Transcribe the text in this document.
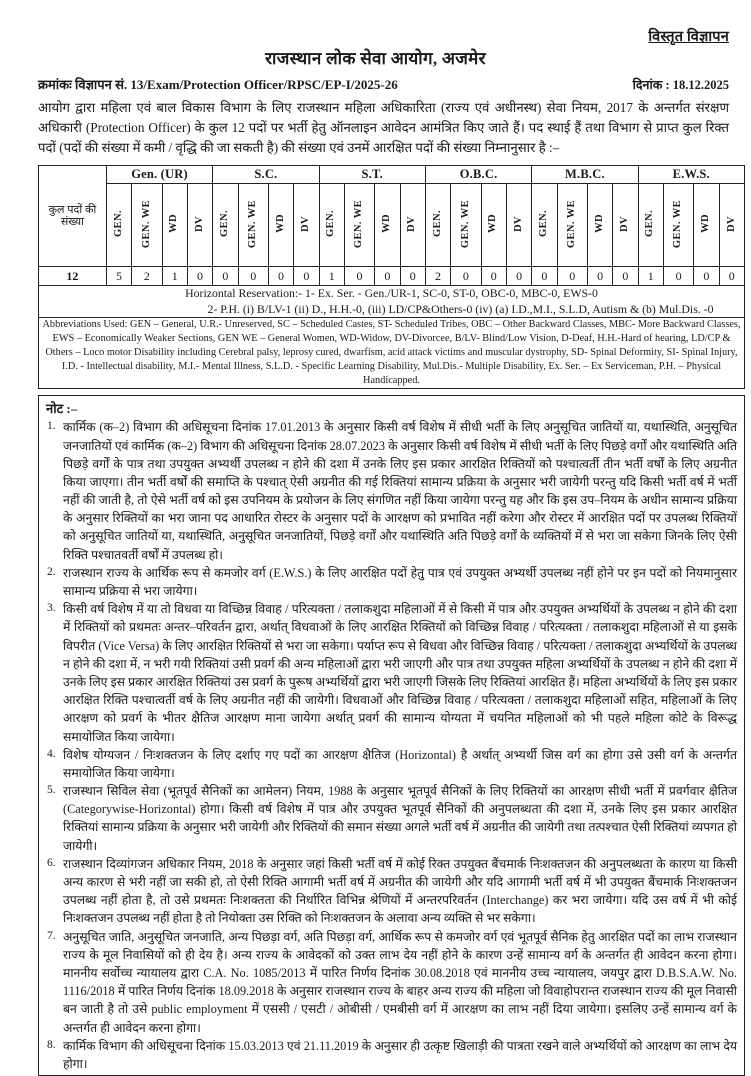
विस्तृत विज्ञापन
राजस्थान लोक सेवा आयोग, अजमेर
क्रमांकः विज्ञापन सं. 13/Exam/Protection Officer/RPSC/EP-I/2025-26	दिनांक : 18.12.2025
आयोग द्वारा महिला एवं बाल विकास विभाग के लिए राजस्थान महिला अधिकारिता (राज्य एवं अधीनस्थ) सेवा नियम, 2017 के अन्तर्गत संरक्षण अधिकारी (Protection Officer) के कुल 12 पदों पर भर्ती हेतु ऑनलाइन आवेदन आमंत्रित किए जाते हैं। पद स्थाई हैं तथा विभाग से प्राप्त कुल रिक्त पदों (पदों की संख्या में कमी / वृद्धि की जा सकती है) की संख्या एवं उनमें आरक्षित पदों की संख्या निम्नानुसार है :–
कुल पदों की संख्या	Gen. (UR)				S.C.				S.T.				O.B.C.				M.B.C.				E.W.S.			
	GEN.	GEN. WE	WD	DV	GEN.	GEN. WE	WD	DV	GEN.	GEN. WE	WD	DV	GEN.	GEN. WE	WD	DV	GEN.	GEN. WE	WD	DV	GEN.	GEN. WE	WD	DV
12	5	2	1	0	0	0	0	0	1	0	0	0	2	0	0	0	0	0	0	0	1	0	0	0
Horizontal Reservation:- 1- Ex. Ser. - Gen./UR-1, SC-0, ST-0, OBC-0, MBC-0, EWS-0
2- P.H. (i) B/LV-1 (ii) D., H.H.-0, (iii) LD/CP&Others-0 (iv) (a) I.D.,M.I., S.L.D, Autism & (b) Mul.Dis. -0																								

Abbreviations Used: GEN – General, U.R.- Unreserved, SC – Scheduled Castes, ST- Scheduled Tribes, OBC – Other Backward Classes, MBC- More Backward Classes, EWS – Economically Weaker Sections, GEN WE – General Women, WD-Widow, DV-Divorcee, B/LV- Blind/Low Vision, D-Deaf, H.H.-Hard of hearing, LD/CP & Others – Loco motor Disability including Cerebral palsy, leprosy cured, dwarfism, acid attack victims and muscular dystrophy, SD- Spinal Deformity, SI- Spinal Injury, I.D. - Intellectual disability, M.I.- Mental Illness, S.L.D. - Specific Learning Disability, Mul.Dis.- Multiple Disability, Ex. Ser. – Ex Serviceman, P.H. – Physical Handicapped.																								
नोट :–
1. कार्मिक (क–2) विभाग की अधिसूचना दिनांक 17.01.2013 के अनुसार किसी वर्ष विशेष में सीधी भर्ती के लिए अनुसूचित जातियों या, यथास्थिति, अनुसूचित जनजातियों एवं कार्मिक (क–2) विभाग की अधिसूचना दिनांक 28.07.2023 के अनुसार किसी वर्ष विशेष में सीधी भर्ती के लिए पिछड़े वर्गों और यथास्थिति अति पिछड़े वर्गों के पात्र तथा उपयुक्त अभ्यर्थी उपलब्ध न होने की दशा में उनके लिए इस प्रकार आरक्षित रिक्तियों को पश्चात्वर्ती तीन भर्ती वर्षों के लिए अग्रनीत किया जाएगा। तीन भर्ती वर्षों की समाप्ति के पश्चात् ऐसी अग्रनीत की गई रिक्तियां सामान्य प्रक्रिया के अनुसार भरी जायेगी परन्तु यदि किसी भर्ती वर्ष में भर्ती नहीं की जाती है, तो ऐसे भर्ती वर्ष को इस उपनियम के प्रयोजन के लिए संगणित नहीं किया जायेगा परन्तु यह और कि इस उप–नियम के अधीन सामान्य प्रक्रिया के अनुसार रिक्तियों का भरा जाना पद आधारित रोस्टर के अनुसार पदों के आरक्षण को प्रभावित नहीं करेगा और रोस्टर में आरक्षित पदों पर उपलब्ध रिक्तियों को अनुसूचित जातियों या, यथास्थिति, अनुसूचित जनजातियों, पिछड़े वर्गों और यथास्थिति अति पिछड़े वर्गों के व्यक्तियों में से भरा जा सकेगा जिनके लिए ऐसी रिक्ति पश्चातवर्ती वर्षों में उपलब्ध हो।
2. राजस्थान राज्य के आर्थिक रूप से कमजोर वर्ग (E.W.S.) के लिए आरक्षित पदों हेतु पात्र एवं उपयुक्त अभ्यर्थी उपलब्ध नहीं होने पर इन पदों को नियमानुसार सामान्य प्रक्रिया से भरा जायेगा।
3. किसी वर्ष विशेष में या तो विधवा या विच्छिन्न विवाह / परित्यक्ता / तलाकशुदा महिलाओं में से किसी में पात्र और उपयुक्त अभ्यर्थियों के उपलब्ध न होने की दशा में रिक्तियों को प्रथमतः अन्तर–परिवर्तन द्वारा, अर्थात् विधवाओं के लिए आरक्षित रिक्तियों को विच्छिन्न विवाह / परित्यक्ता / तलाकशुदा महिलाओं से या इसके विपरीत (Vice Versa) के लिए आरक्षित रिक्तियों से भरा जा सकेगा। पर्याप्त रूप से विधवा और विच्छिन्न विवाह / परित्यक्ता / तलाकशुदा अभ्यर्थियों के उपलब्ध न होने की दशा में, न भरी गयी रिक्तियां उसी प्रवर्ग की अन्य महिलाओं द्वारा भरी जाएगी और पात्र तथा उपयुक्त महिला अभ्यर्थियों के उपलब्ध न होने की दशा में उनके लिए इस प्रकार आरक्षित रिक्तियां उस प्रवर्ग के पुरूष अभ्यर्थियों द्वारा भरी जाएगी जिसके लिए रिक्तियां आरक्षित हैं। महिला अभ्यर्थियों के लिए इस प्रकार आरक्षित रिक्ति पश्चात्वर्ती वर्ष के लिए अग्रनीत नहीं की जायेगी। विधवाओं और विच्छिन्न विवाह / परित्यक्ता / तलाकशुदा महिलाओं सहित, महिलाओं के लिए आरक्षण को प्रवर्ग के भीतर क्षैतिज आरक्षण माना जायेगा अर्थात् प्रवर्ग की सामान्य योग्यता में चयनित महिलाओं को भी पहले महिला कोटे के विरूद्ध समायोजित किया जायेगा।
4. विशेष योग्यजन / निःशक्तजन के लिए दर्शाए गए पदों का आरक्षण क्षैतिज (Horizontal) है अर्थात् अभ्यर्थी जिस वर्ग का होगा उसे उसी वर्ग के अन्तर्गत समायोजित किया जायेगा।
5. राजस्थान सिविल सेवा (भूतपूर्व सैनिकों का आमेलन) नियम, 1988 के अनुसार भूतपूर्व सैनिकों के लिए रिक्तियों का आरक्षण सीधी भर्ती में प्रवर्गवार क्षैतिज (Categorywise-Horizontal) होगा। किसी वर्ष विशेष में पात्र और उपयुक्त भूतपूर्व सैनिकों की अनुपलब्धता की दशा में, उनके लिए इस प्रकार आरक्षित रिक्तियां सामान्य प्रक्रिया के अनुसार भरी जायेगी और रिक्तियों की समान संख्या अगले भर्ती वर्ष में अग्रनीत की जायेगी तथा तत्पश्चात ऐसी रिक्तियां व्यपगत हो जायेगी।
6. राजस्थान दिव्यांगजन अधिकार नियम, 2018 के अनुसार जहां किसी भर्ती वर्ष में कोई रिक्त उपयुक्त बैंचमार्क निःशक्तजन की अनुपलब्धता के कारण या किसी अन्य कारण से भरी नहीं जा सकी हो, तो ऐसी रिक्ति आगामी भर्ती वर्ष में अग्रनीत की जायेगी और यदि आगामी भर्ती वर्ष में भी उपयुक्त बैंचमार्क निःशक्तजन उपलब्ध नहीं होता है, तो उसे प्रथमतः निःशक्तता की निर्धारित विभिन्न श्रेणियों में अन्तरपरिवर्तन (Interchange) कर भरा जायेगा। यदि उस वर्ष में भी कोई निःशक्तजन उपलब्ध नहीं होता है तो नियोक्ता उस रिक्ति को निःशक्तजन के अलावा अन्य व्यक्ति से भर सकेगा।
7. अनुसूचित जाति, अनुसूचित जनजाति, अन्य पिछड़ा वर्ग, अति पिछड़ा वर्ग, आर्थिक रूप से कमजोर वर्ग एवं भूतपूर्व सैनिक हेतु आरक्षित पदों का लाभ राजस्थान राज्य के मूल निवासियों को ही देय है। अन्य राज्य के आवेदकों को उक्त लाभ देय नहीं होने के कारण उन्हें सामान्य वर्ग के अन्तर्गत ही आवेदन करना होगा। माननीय सर्वोच्च न्यायालय द्वारा C.A. No. 1085/2013 में पारित निर्णय दिनांक 30.08.2018 एवं माननीय उच्च न्यायालय, जयपुर द्वारा D.B.S.A.W. No. 1116/2018 में पारित निर्णय दिनांक 18.09.2018 के अनुसार राजस्थान राज्य के बाहर अन्य राज्य की महिला जो विवाहोपरान्त राजस्थान राज्य की मूल निवासी बन जाती है तो उसे public employment में एससी / एसटी / ओबीसी / एमबीसी वर्ग में आरक्षण का लाभ नहीं दिया जायेगा। इसलिए उन्हें सामान्य वर्ग के अन्तर्गत ही आवेदन करना होगा।
8. कार्मिक विभाग की अधिसूचना दिनांक 15.03.2013 एवं 21.11.2019 के अनुसार ही उत्कृष्ट खिलाड़ी की पात्रता रखने वाले अभ्यर्थियों को आरक्षण का लाभ देय होगा।
